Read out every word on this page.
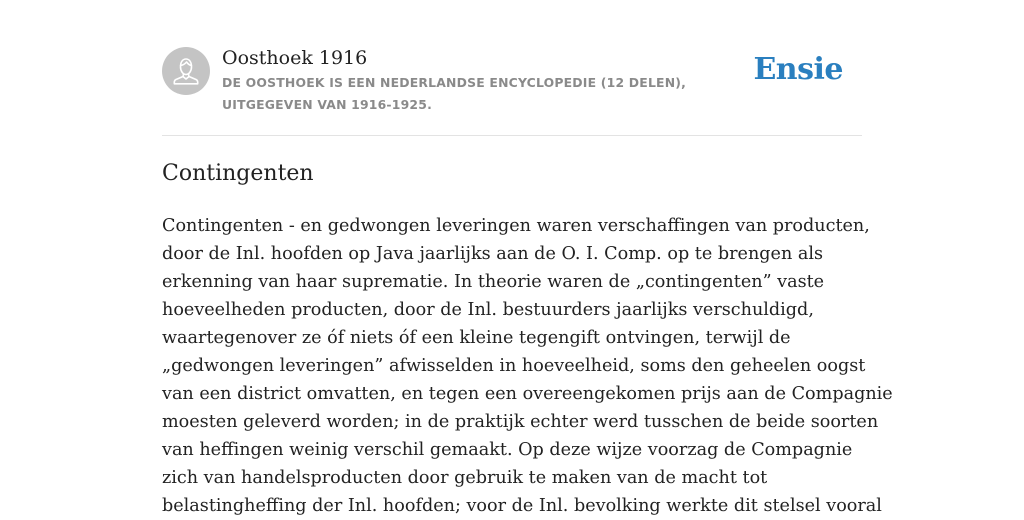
Oosthoek 1916
DE OOSTHOEK IS EEN NEDERLANDSE ENCYCLOPEDIE (12 DELEN), UITGEGEVEN VAN 1916-1925.
Ensie
Contingenten
Contingenten - en gedwongen leveringen waren verschaffingen van producten,
door de Inl. hoofden op Java jaarlijks aan de O. I. Comp. op te brengen als
erkenning van haar suprematie. In theorie waren de „contingenten” vaste
hoeveelheden producten, door de Inl. bestuurders jaarlijks verschuldigd,
waartegenover ze óf niets óf een kleine tegengift ontvingen, terwijl de
„gedwongen leveringen” afwisselden in hoeveelheid, soms den geheelen oogst
van een district omvatten, en tegen een overeengekomen prijs aan de Compagnie
moesten geleverd worden; in de praktijk echter werd tusschen de beide soorten
van heffingen weinig verschil gemaakt. Op deze wijze voorzag de Compagnie
zich van handelsproducten door gebruik te maken van de macht tot
belastingheffing der Inl. hoofden; voor de Inl. bevolking werkte dit stelsel vooral
